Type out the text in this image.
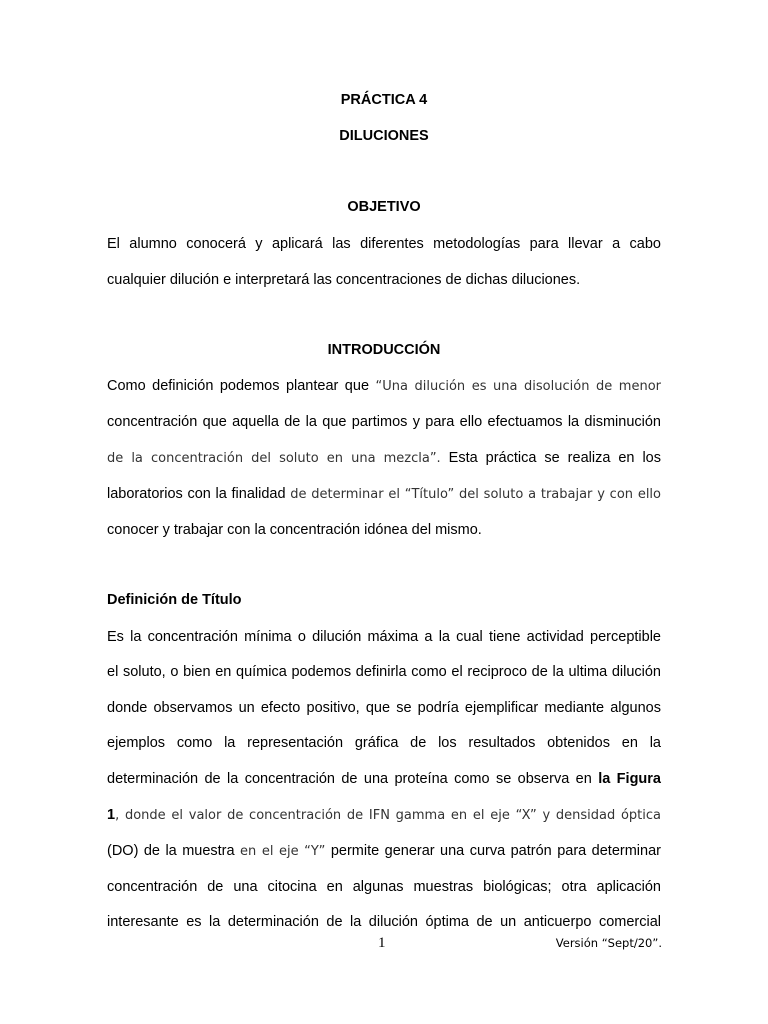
PRÁCTICA 4
DILUCIONES
OBJETIVO
El alumno conocerá y aplicará las diferentes metodologías para llevar a cabo
cualquier dilución e interpretará las concentraciones de dichas diluciones.
INTRODUCCIÓN
Como definición podemos plantear que “Una dilución es una disolución de menor
concentración que aquella de la que partimos y para ello efectuamos la disminución
de la concentración del soluto en una mezcla”. Esta práctica se realiza en los
laboratorios con la finalidad de determinar el “Título” del soluto a trabajar y con ello
conocer y trabajar con la concentración idónea del mismo.
Definición de Título
Es la concentración mínima o dilución máxima a la cual tiene actividad perceptible
el soluto, o bien en química podemos definirla como el reciproco de la ultima dilución
donde observamos un efecto positivo, que se podría ejemplificar mediante algunos
ejemplos como la representación gráfica de los resultados obtenidos en la
determinación de la concentración de una proteína como se observa en la Figura
1, donde el valor de concentración de IFN gamma en el eje “X” y densidad óptica
(DO) de la muestra en el eje “Y” permite generar una curva patrón para determinar
concentración de una citocina en algunas muestras biológicas; otra aplicación
interesante es la determinación de la dilución óptima de un anticuerpo comercial
1	Versión “Sept/20”.
